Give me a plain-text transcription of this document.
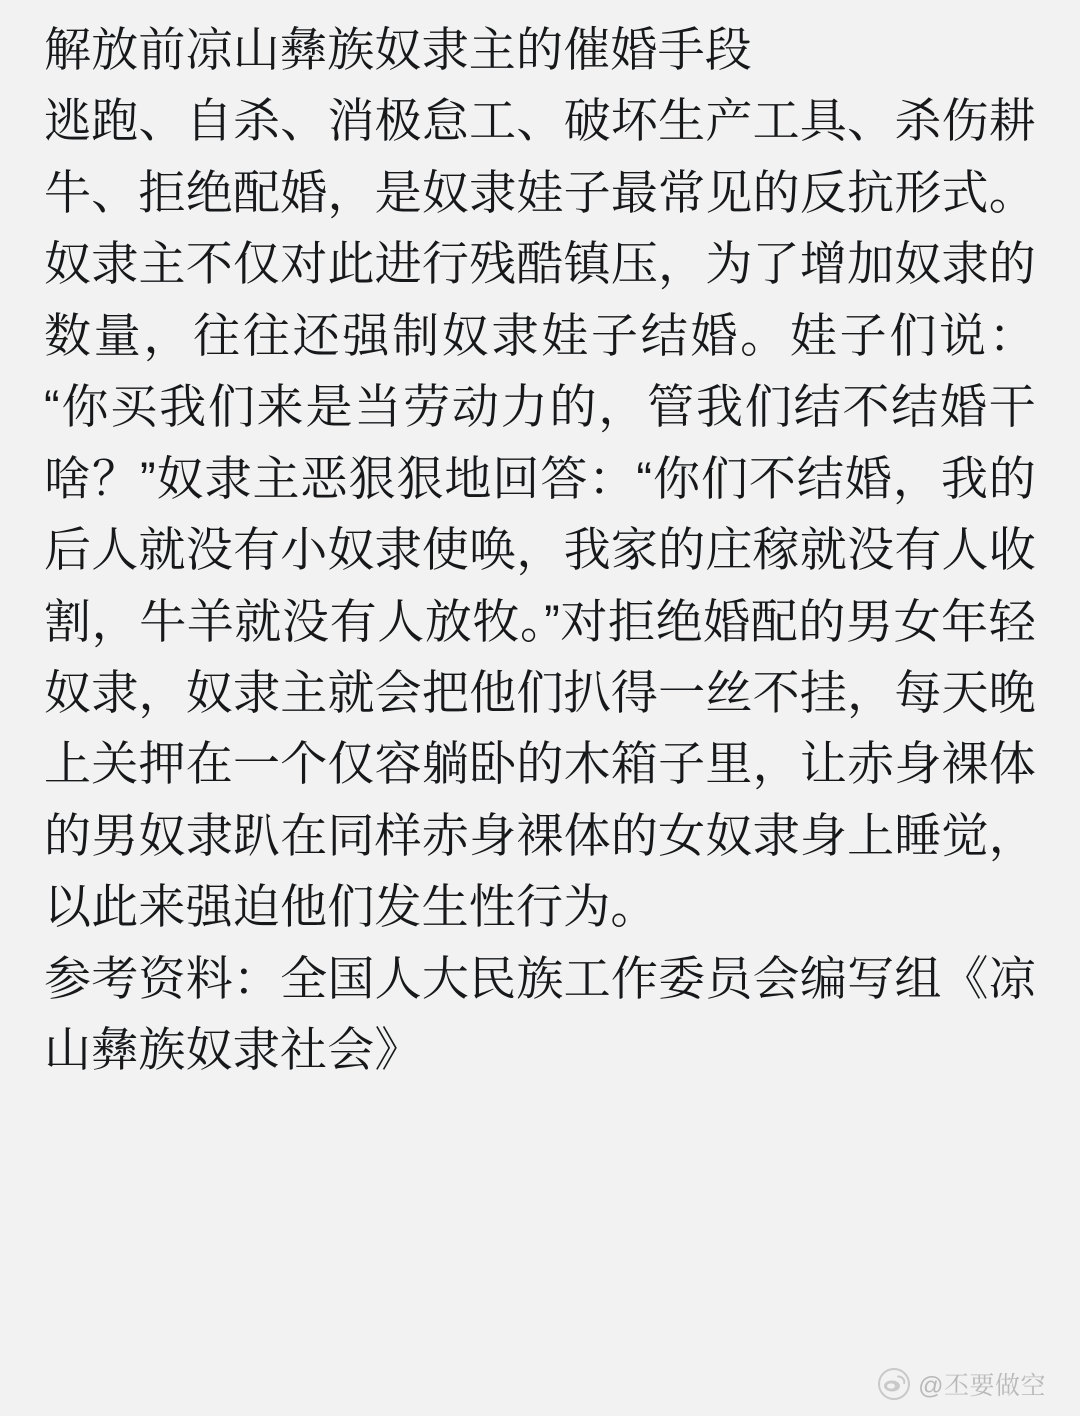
解放前凉山彝族奴隶主的催婚手段

逃跑、自杀、消极怠工、破坏生产工具、杀伤耕牛、拒绝配婚，是奴隶娃子最常见的反抗形式。奴隶主不仅对此进行残酷镇压，为了增加奴隶的数量，往往还强制奴隶娃子结婚。娃子们说：“你买我们来是当劳动力的，管我们结不结婚干啥？”奴隶主恶狠狠地回答：“你们不结婚，我的后人就没有小奴隶使唤，我家的庄稼就没有人收割，牛羊就没有人放牧。”对拒绝婚配的男女年轻奴隶，奴隶主就会把他们扒得一丝不挂，每天晚上关押在一个仅容躺卧的木箱子里，让赤身裸体的男奴隶趴在同样赤身裸体的女奴隶身上睡觉，以此来强迫他们发生性行为。

参考资料：全国人大民族工作委员会编写组《凉山彝族奴隶社会》

@丕要做空
